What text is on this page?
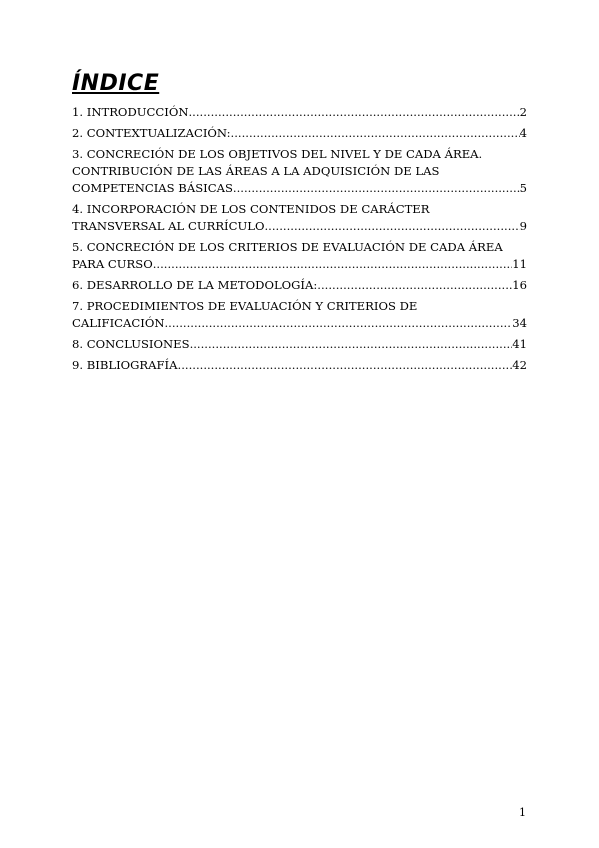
ÍNDICE
1. INTRODUCCIÓN .....	2
2. CONTEXTUALIZACIÓN: .....	4
3. CONCRECIÓN DE LOS OBJETIVOS DEL NIVEL Y DE CADA ÁREA.
CONTRIBUCIÓN DE LAS ÁREAS A LA ADQUISICIÓN DE LAS
COMPETENCIAS BÁSICAS .....	5
4. INCORPORACIÓN DE LOS CONTENIDOS DE CARÁCTER
TRANSVERSAL AL CURRÍCULO .....	9
5. CONCRECIÓN DE LOS CRITERIOS DE EVALUACIÓN DE CADA ÁREA
PARA CURSO .....	11
6. DESARROLLO DE LA METODOLOGÍA: .....	16
7. PROCEDIMIENTOS DE EVALUACIÓN Y CRITERIOS DE
CALIFICACIÓN .....	34
8. CONCLUSIONES .....	41
9. BIBLIOGRAFÍA .....	42
1
